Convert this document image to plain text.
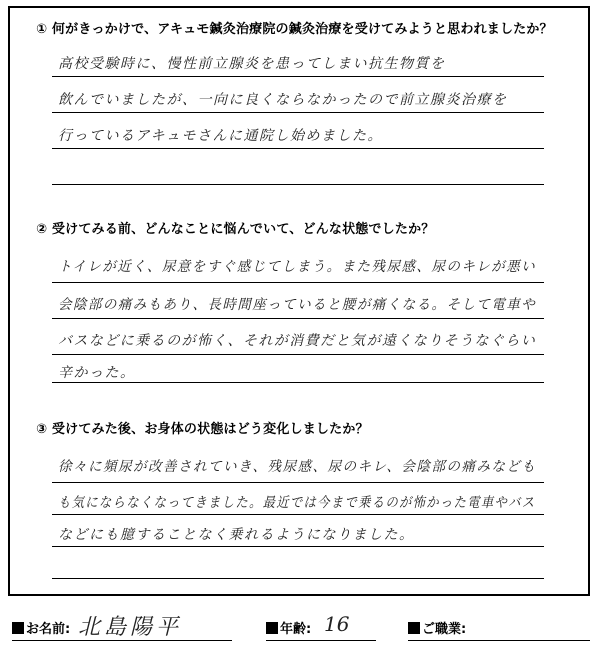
① 何がきっかけで、アキュモ鍼灸治療院の鍼灸治療を受けてみようと思われましたか？
高校受験時に、慢性前立腺炎を患ってしまい抗生物質を
飲んでいましたが、一向に良くならなかったので前立腺炎治療を
行っているアキュモさんに通院し始めました。
② 受けてみる前、どんなことに悩んでいて、どんな状態でしたか？
トイレが近く、尿意をすぐ感じてしまう。また残尿感、尿のキレが悪い
会陰部の痛みもあり、長時間座っていると腰が痛くなる。そして電車や
バスなどに乗るのが怖く、それが消費だと気が遠くなりそうなぐらい
辛かった。
③ 受けてみた後、お身体の状態はどう変化しましたか？
徐々に頻尿が改善されていき、残尿感、尿のキレ、会陰部の痛みなども
も気にならなくなってきました。最近では今まで乗るのが怖かった電車やバス
などにも臆することなく乗れるようになりました。
お名前: 北島陽平	年齢: 16	ご職業:
